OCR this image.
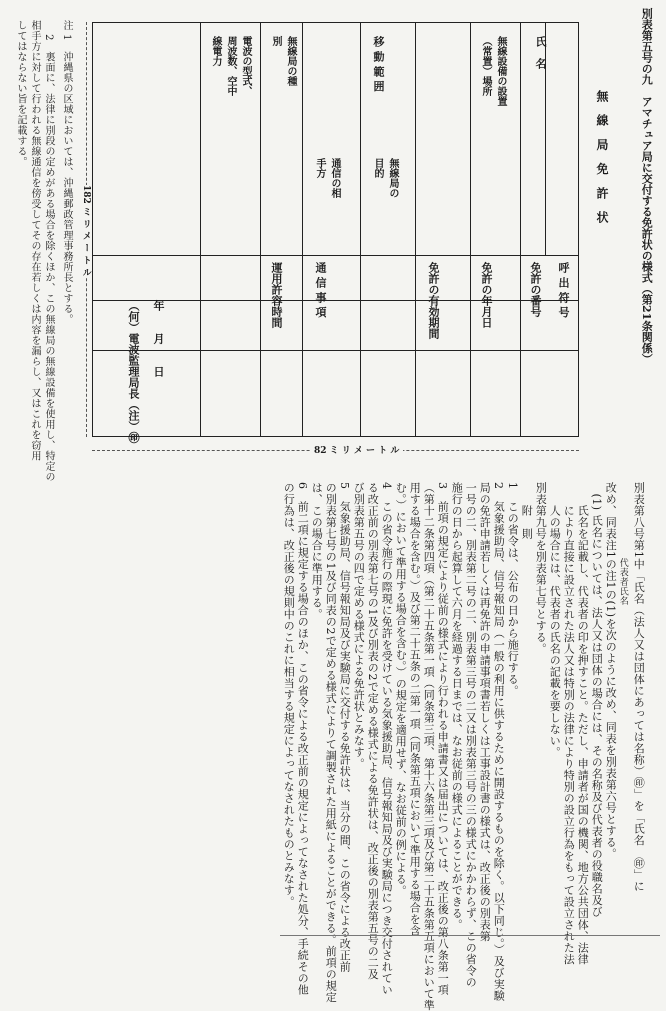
別表第五号の九　アマチュア局に交付する免許状の様式（第21条関係）
無 線 局 免 許 状
呼 出 符 号
免許の番号
氏　名
免許の年月日
無線設備の設置（常置）場所
免許の有効期間
移 動 範 囲
無線局の目的
通信の相手方
通 信 事 項
無線局の種別
電波の型式、周波数、空中線電力
運用許容時間
年　　月　　日
（何）電波監理局長（注）㊞
182 ミ リ メ ー ト ル
82 ミ リ メ ー ト ル
注 1　沖縄県の区域においては、沖縄郵政管理事務所長とする。
　 2　裏面に、法律に別段の定めがある場合を除くほか、この無線局の無線設備を使用し、特定の
相手方に対して行われる無線通信を傍受してその存在若しくは内容を漏らし、又はこれを窃用
してはならない旨を記載する。
別表第八号第1中「氏名（法人又は団体にあっては名称）㊞」を「氏名　㊞」に
　　　　　　　　代表者氏名
改め、同表注1の注1の(1)を次のように改め、同表を別表第六号とする。
　(1) 氏名については、法人又は団体の場合には、その名称及び代表者の役職名及び
　　氏名を記載し、代表者の印を押すこと。ただし、申請者が国の機関、地方公共団体、法律
　　により直接に設立された法人又は特別の法律により特別の設立行為をもって設立された法
　　人の場合には、代表者の氏名の記載を要しない。
別表第九号を別表第七号とする。
　　附　則
1　この省令は、公布の日から施行する。
2　気象援助局、信号報知局（一般の利用に供するために開設するものを除く。以下同じ。）及び実験
局の免許申請若しくは再免許の申請事項書若しくは工事設計書の様式は、改正後の別表第
一号の二、別表第二号の二、別表第三号の二又は別表第三号の三の様式にかかわらず、この省令の
施行の日から起算して六月を経過する日までは、なお従前の様式によることができる。
3　前項の規定により従前の様式により行われる申請書又は届出については、改正後の第八条第一項
（第十二条第四項（第二十五条第一項（同条第三項、第十六条第三項及び第二十五条第五項において準
用する場合を含む。）及び第二十五条の二第一項（同条第五項において準用する場合を含
む。）において準用する場合を含む。）の規定を適用せず、なお従前の例による。
4　この省令施行の際現に免許を受けている気象援助局、信号報知局及び実験局につき交付されてい
る改正前の別表第七号の1及び別表の2で定める様式による免許状は、改正後の別表第五号の二及
び別表第五号の四で定める様式による免許状とみなす。
5　気象援助局、信号報知局及び実験局に交付する免許状は、当分の間、この省令による改正前
の別表第七号の1及び同表の2で定める様式によりて調製された用紙によることができる。前項の規定
は、この場合に準用する。
6　前二項に規定する場合のほか、この省令による改正前の規定によってなされた処分、手続その他
の行為は、改正後の規則中のこれに相当する規定によってなされたものとみなす。
